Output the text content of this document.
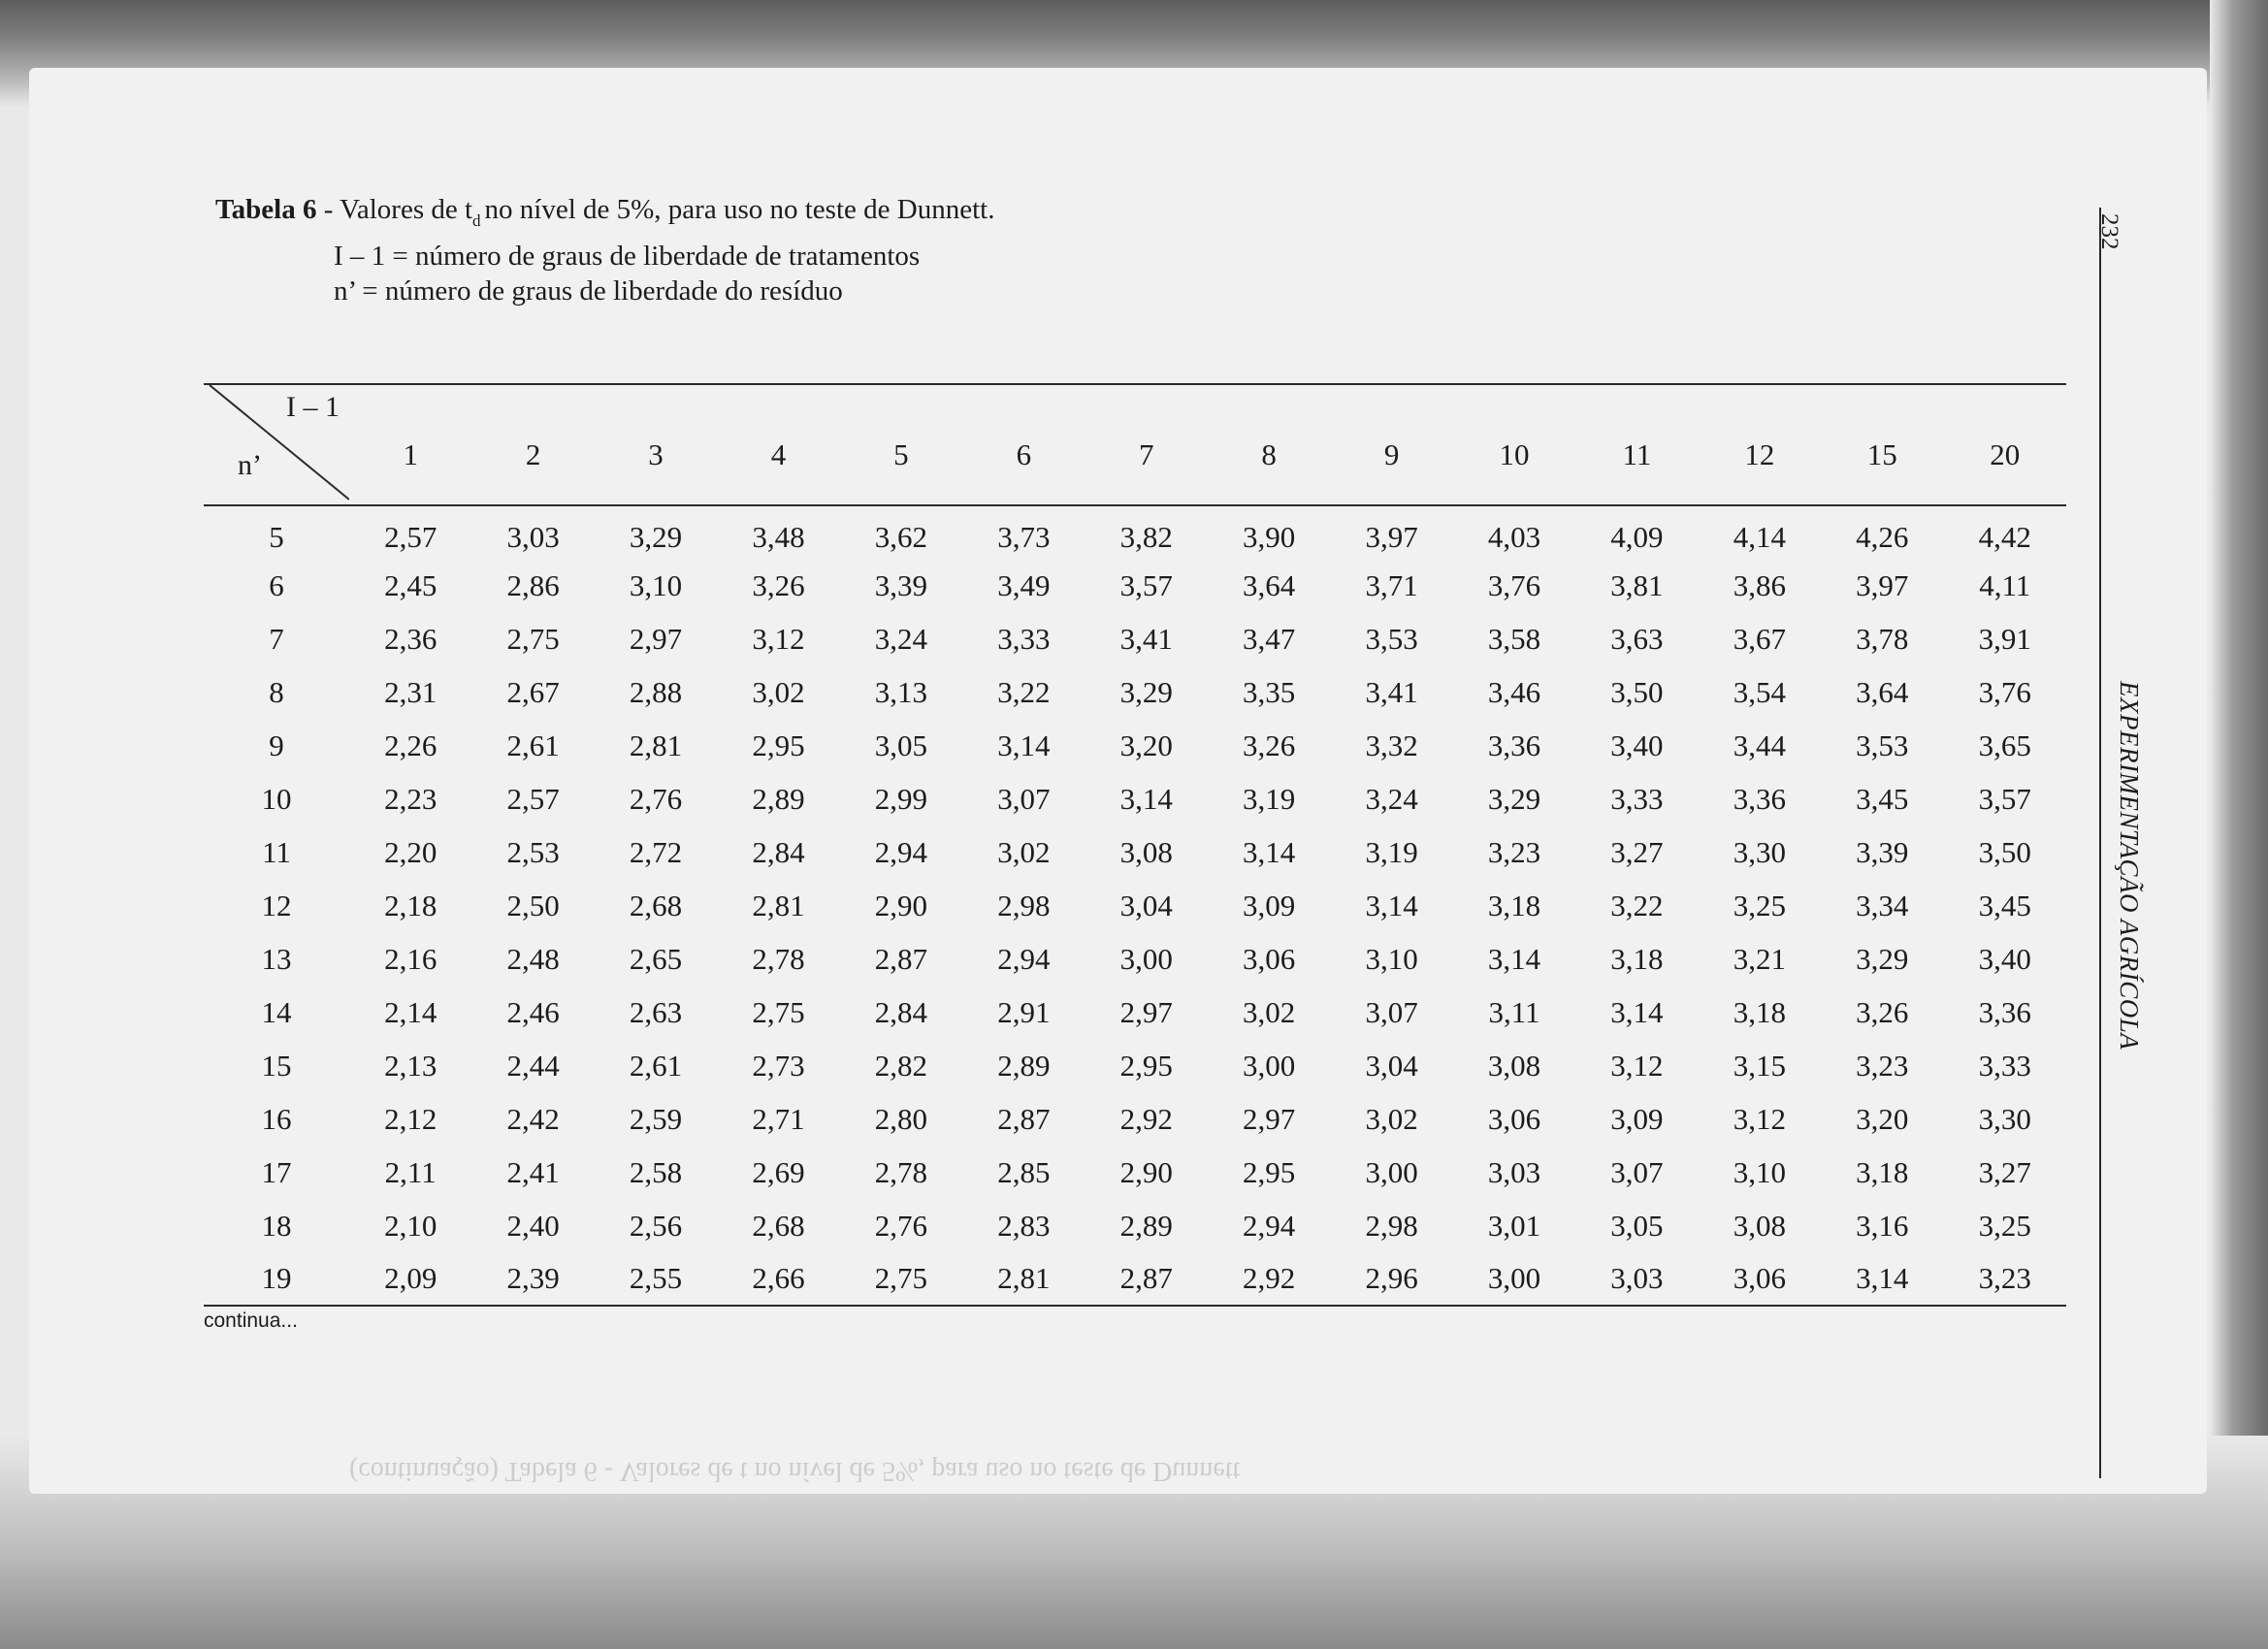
Tabela 6 - Valores de $t_d$ no nível de 5%, para uso no teste de Dunnett.
I – 1 = número de graus de liberdade de tratamentos
n’ = número de graus de liberdade do resíduo
232
EXPERIMENTAÇÃO AGRÍCOLA
(continuação) Tabela 6 - Valores de t no nível de 5%, para uso no teste de Dunnett
I – 1
n’	1	2	3	4	5	6	7	8	9	10	11	12	15	20
5	2,57	3,03	3,29	3,48	3,62	3,73	3,82	3,90	3,97	4,03	4,09	4,14	4,26	4,42
6	2,45	2,86	3,10	3,26	3,39	3,49	3,57	3,64	3,71	3,76	3,81	3,86	3,97	4,11
7	2,36	2,75	2,97	3,12	3,24	3,33	3,41	3,47	3,53	3,58	3,63	3,67	3,78	3,91
8	2,31	2,67	2,88	3,02	3,13	3,22	3,29	3,35	3,41	3,46	3,50	3,54	3,64	3,76
9	2,26	2,61	2,81	2,95	3,05	3,14	3,20	3,26	3,32	3,36	3,40	3,44	3,53	3,65
10	2,23	2,57	2,76	2,89	2,99	3,07	3,14	3,19	3,24	3,29	3,33	3,36	3,45	3,57
11	2,20	2,53	2,72	2,84	2,94	3,02	3,08	3,14	3,19	3,23	3,27	3,30	3,39	3,50
12	2,18	2,50	2,68	2,81	2,90	2,98	3,04	3,09	3,14	3,18	3,22	3,25	3,34	3,45
13	2,16	2,48	2,65	2,78	2,87	2,94	3,00	3,06	3,10	3,14	3,18	3,21	3,29	3,40
14	2,14	2,46	2,63	2,75	2,84	2,91	2,97	3,02	3,07	3,11	3,14	3,18	3,26	3,36
15	2,13	2,44	2,61	2,73	2,82	2,89	2,95	3,00	3,04	3,08	3,12	3,15	3,23	3,33
16	2,12	2,42	2,59	2,71	2,80	2,87	2,92	2,97	3,02	3,06	3,09	3,12	3,20	3,30
17	2,11	2,41	2,58	2,69	2,78	2,85	2,90	2,95	3,00	3,03	3,07	3,10	3,18	3,27
18	2,10	2,40	2,56	2,68	2,76	2,83	2,89	2,94	2,98	3,01	3,05	3,08	3,16	3,25
19	2,09	2,39	2,55	2,66	2,75	2,81	2,87	2,92	2,96	3,00	3,03	3,06	3,14	3,23
continua...
